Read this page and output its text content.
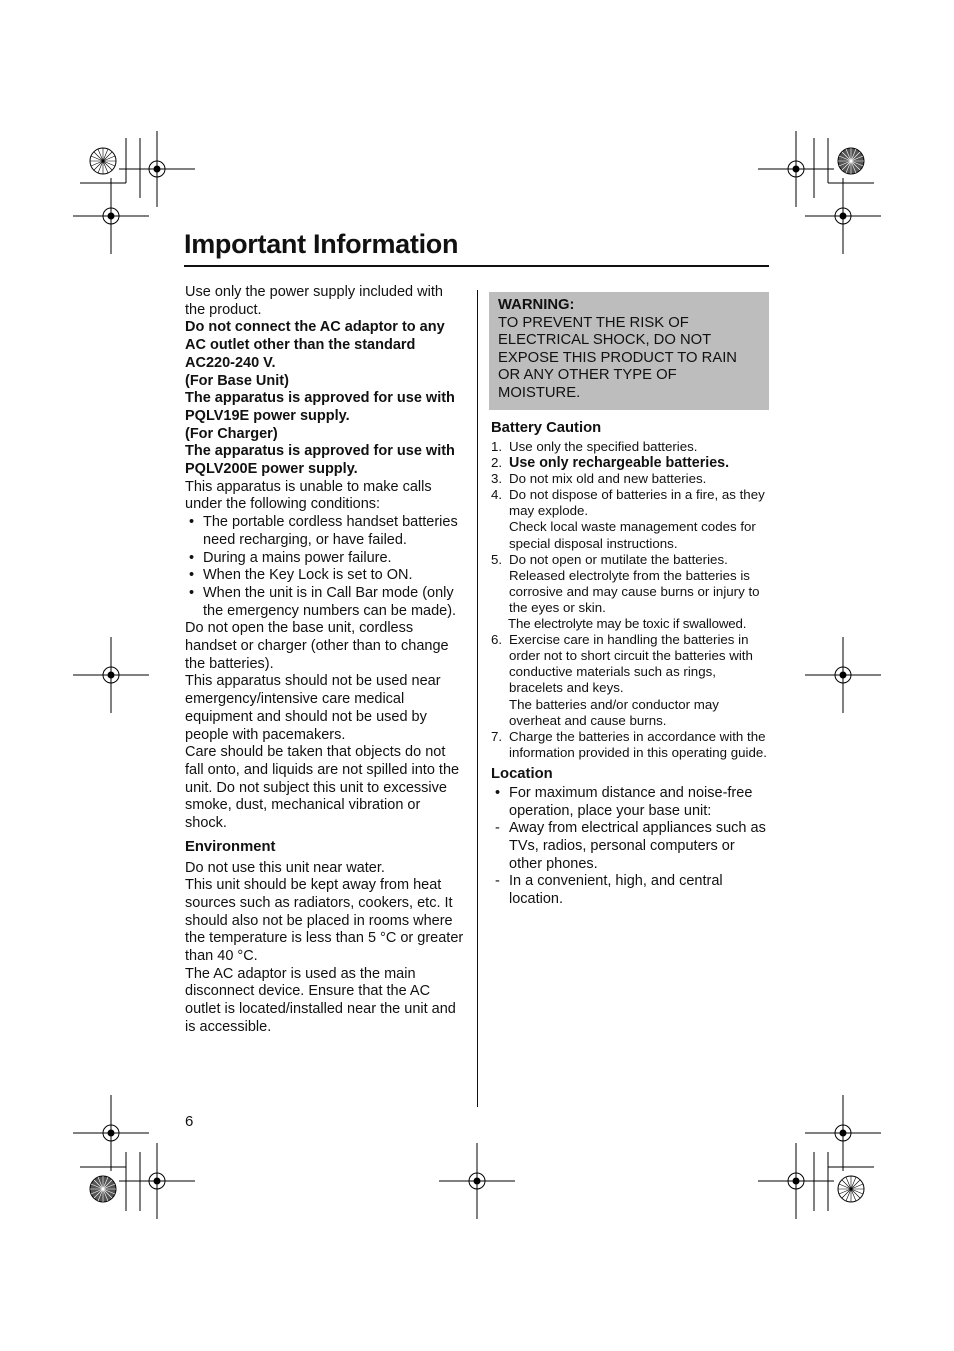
Important Information

Use only the power supply included with the product.

Do not connect the AC adaptor to any AC outlet other than the standard AC220-240 V.

(For Base Unit)

The apparatus is approved for use with PQLV19E power supply.

(For Charger)

The apparatus is approved for use with PQLV200E power supply.

This apparatus is unable to make calls under the following conditions:

• The portable cordless handset batteries need recharging, or have failed.
• During a mains power failure.
• When the Key Lock is set to ON.
• When the unit is in Call Bar mode (only the emergency numbers can be made).

Do not open the base unit, cordless handset or charger (other than to change the batteries).

This apparatus should not be used near emergency/intensive care medical equipment and should not be used by people with pacemakers.

Care should be taken that objects do not fall onto, and liquids are not spilled into the unit. Do not subject this unit to excessive smoke, dust, mechanical vibration or shock.

Environment

Do not use this unit near water.

This unit should be kept away from heat sources such as radiators, cookers, etc. It should also not be placed in rooms where the temperature is less than 5 °C or greater than 40 °C.

The AC adaptor is used as the main disconnect device. Ensure that the AC outlet is located/installed near the unit and is accessible.

WARNING:
TO PREVENT THE RISK OF ELECTRICAL SHOCK, DO NOT EXPOSE THIS PRODUCT TO RAIN OR ANY OTHER TYPE OF MOISTURE.
Battery Caution
1. Use only the specified batteries.
2. Use only rechargeable batteries.
3. Do not mix old and new batteries.
4. Do not dispose of batteries in a fire, as they may explode.
Check local waste management codes for special disposal instructions.
5. Do not open or mutilate the batteries. Released electrolyte from the batteries is corrosive and may cause burns or injury to the eyes or skin.
The electrolyte may be toxic if swallowed.
6. Exercise care in handling the batteries in order not to short circuit the batteries with conductive materials such as rings, bracelets and keys.
The batteries and/or conductor may overheat and cause burns.
7. Charge the batteries in accordance with the information provided in this operating guide.
Location
• For maximum distance and noise-free operation, place your base unit:
- Away from electrical appliances such as TVs, radios, personal computers or other phones.
- In a convenient, high, and central location.
6
